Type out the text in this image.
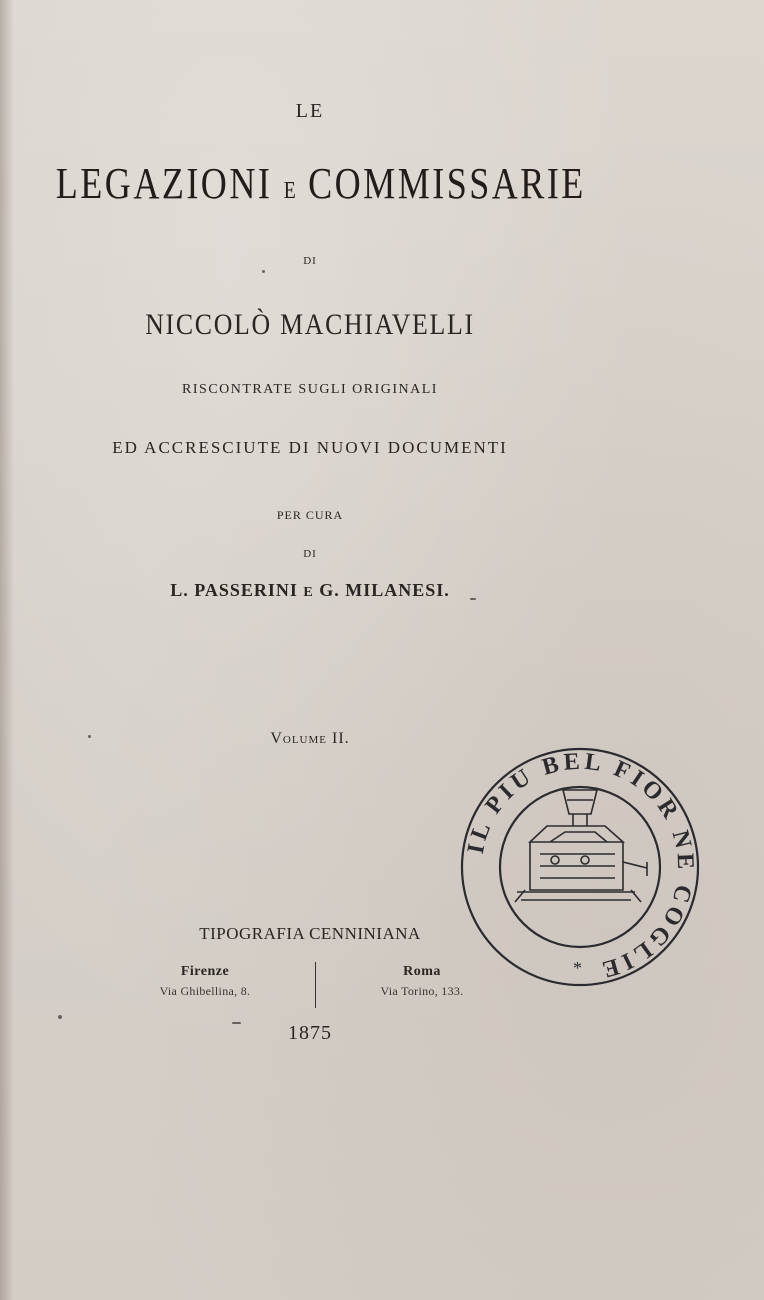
LE
LEGAZIONI E COMMISSARIE
DI
NICCOLÒ MACHIAVELLI
RISCONTRATE SUGLI ORIGINALI
ED ACCRESCIUTE DI NUOVI DOCUMENTI
PER CURA
DI
L. PASSERINI E G. MILANESI.
Volume II.
TIPOGRAFIA CENNINIANA
Firenze
Via Ghibellina, 8.
Roma
Via Torino, 133.
1875
IL PIU BEL FIOR NE COGLIE
*
